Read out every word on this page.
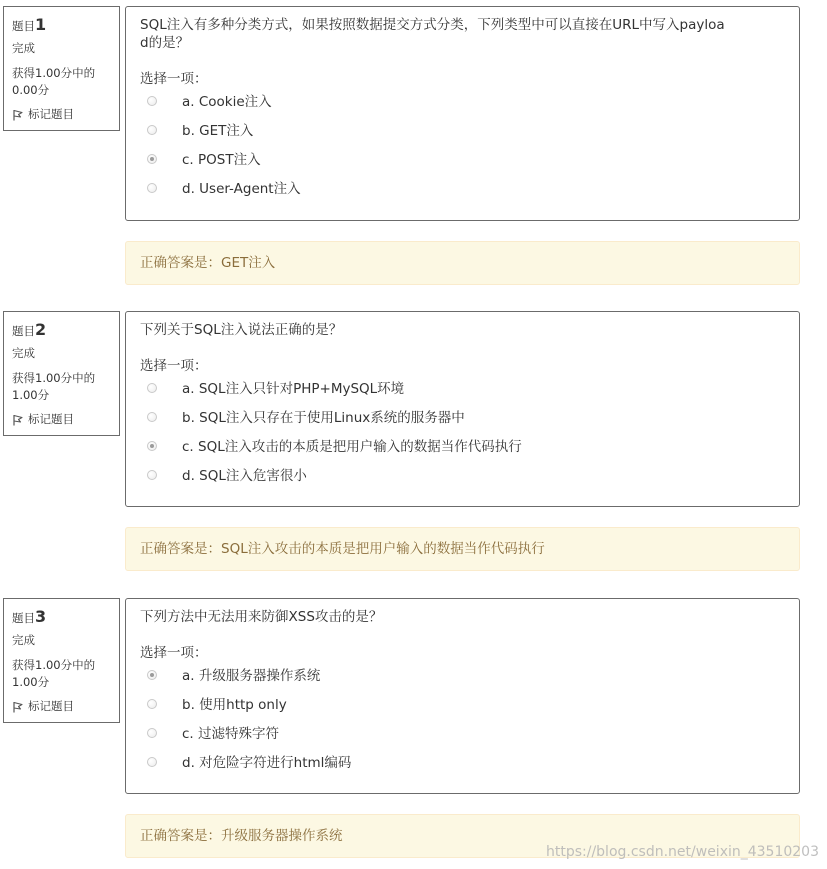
题目1
完成
获得1.00分中的0.00分
标记题目
SQL注入有多种分类方式，如果按照数据提交方式分类，下列类型中可以直接在URL中写入payload的是？
选择一项：
a. Cookie注入
b. GET注入
c. POST注入
d. User-Agent注入
正确答案是：GET注入
题目2
完成
获得1.00分中的1.00分
标记题目
下列关于SQL注入说法正确的是？
选择一项：
a. SQL注入只针对PHP+MySQL环境
b. SQL注入只存在于使用Linux系统的服务器中
c. SQL注入攻击的本质是把用户输入的数据当作代码执行
d. SQL注入危害很小
正确答案是：SQL注入攻击的本质是把用户输入的数据当作代码执行
题目3
完成
获得1.00分中的1.00分
标记题目
下列方法中无法用来防御XSS攻击的是？
选择一项：
a. 升级服务器操作系统
b. 使用http only
c. 过滤特殊字符
d. 对危险字符进行html编码
正确答案是：升级服务器操作系统
https://blog.csdn.net/weixin_43510203
